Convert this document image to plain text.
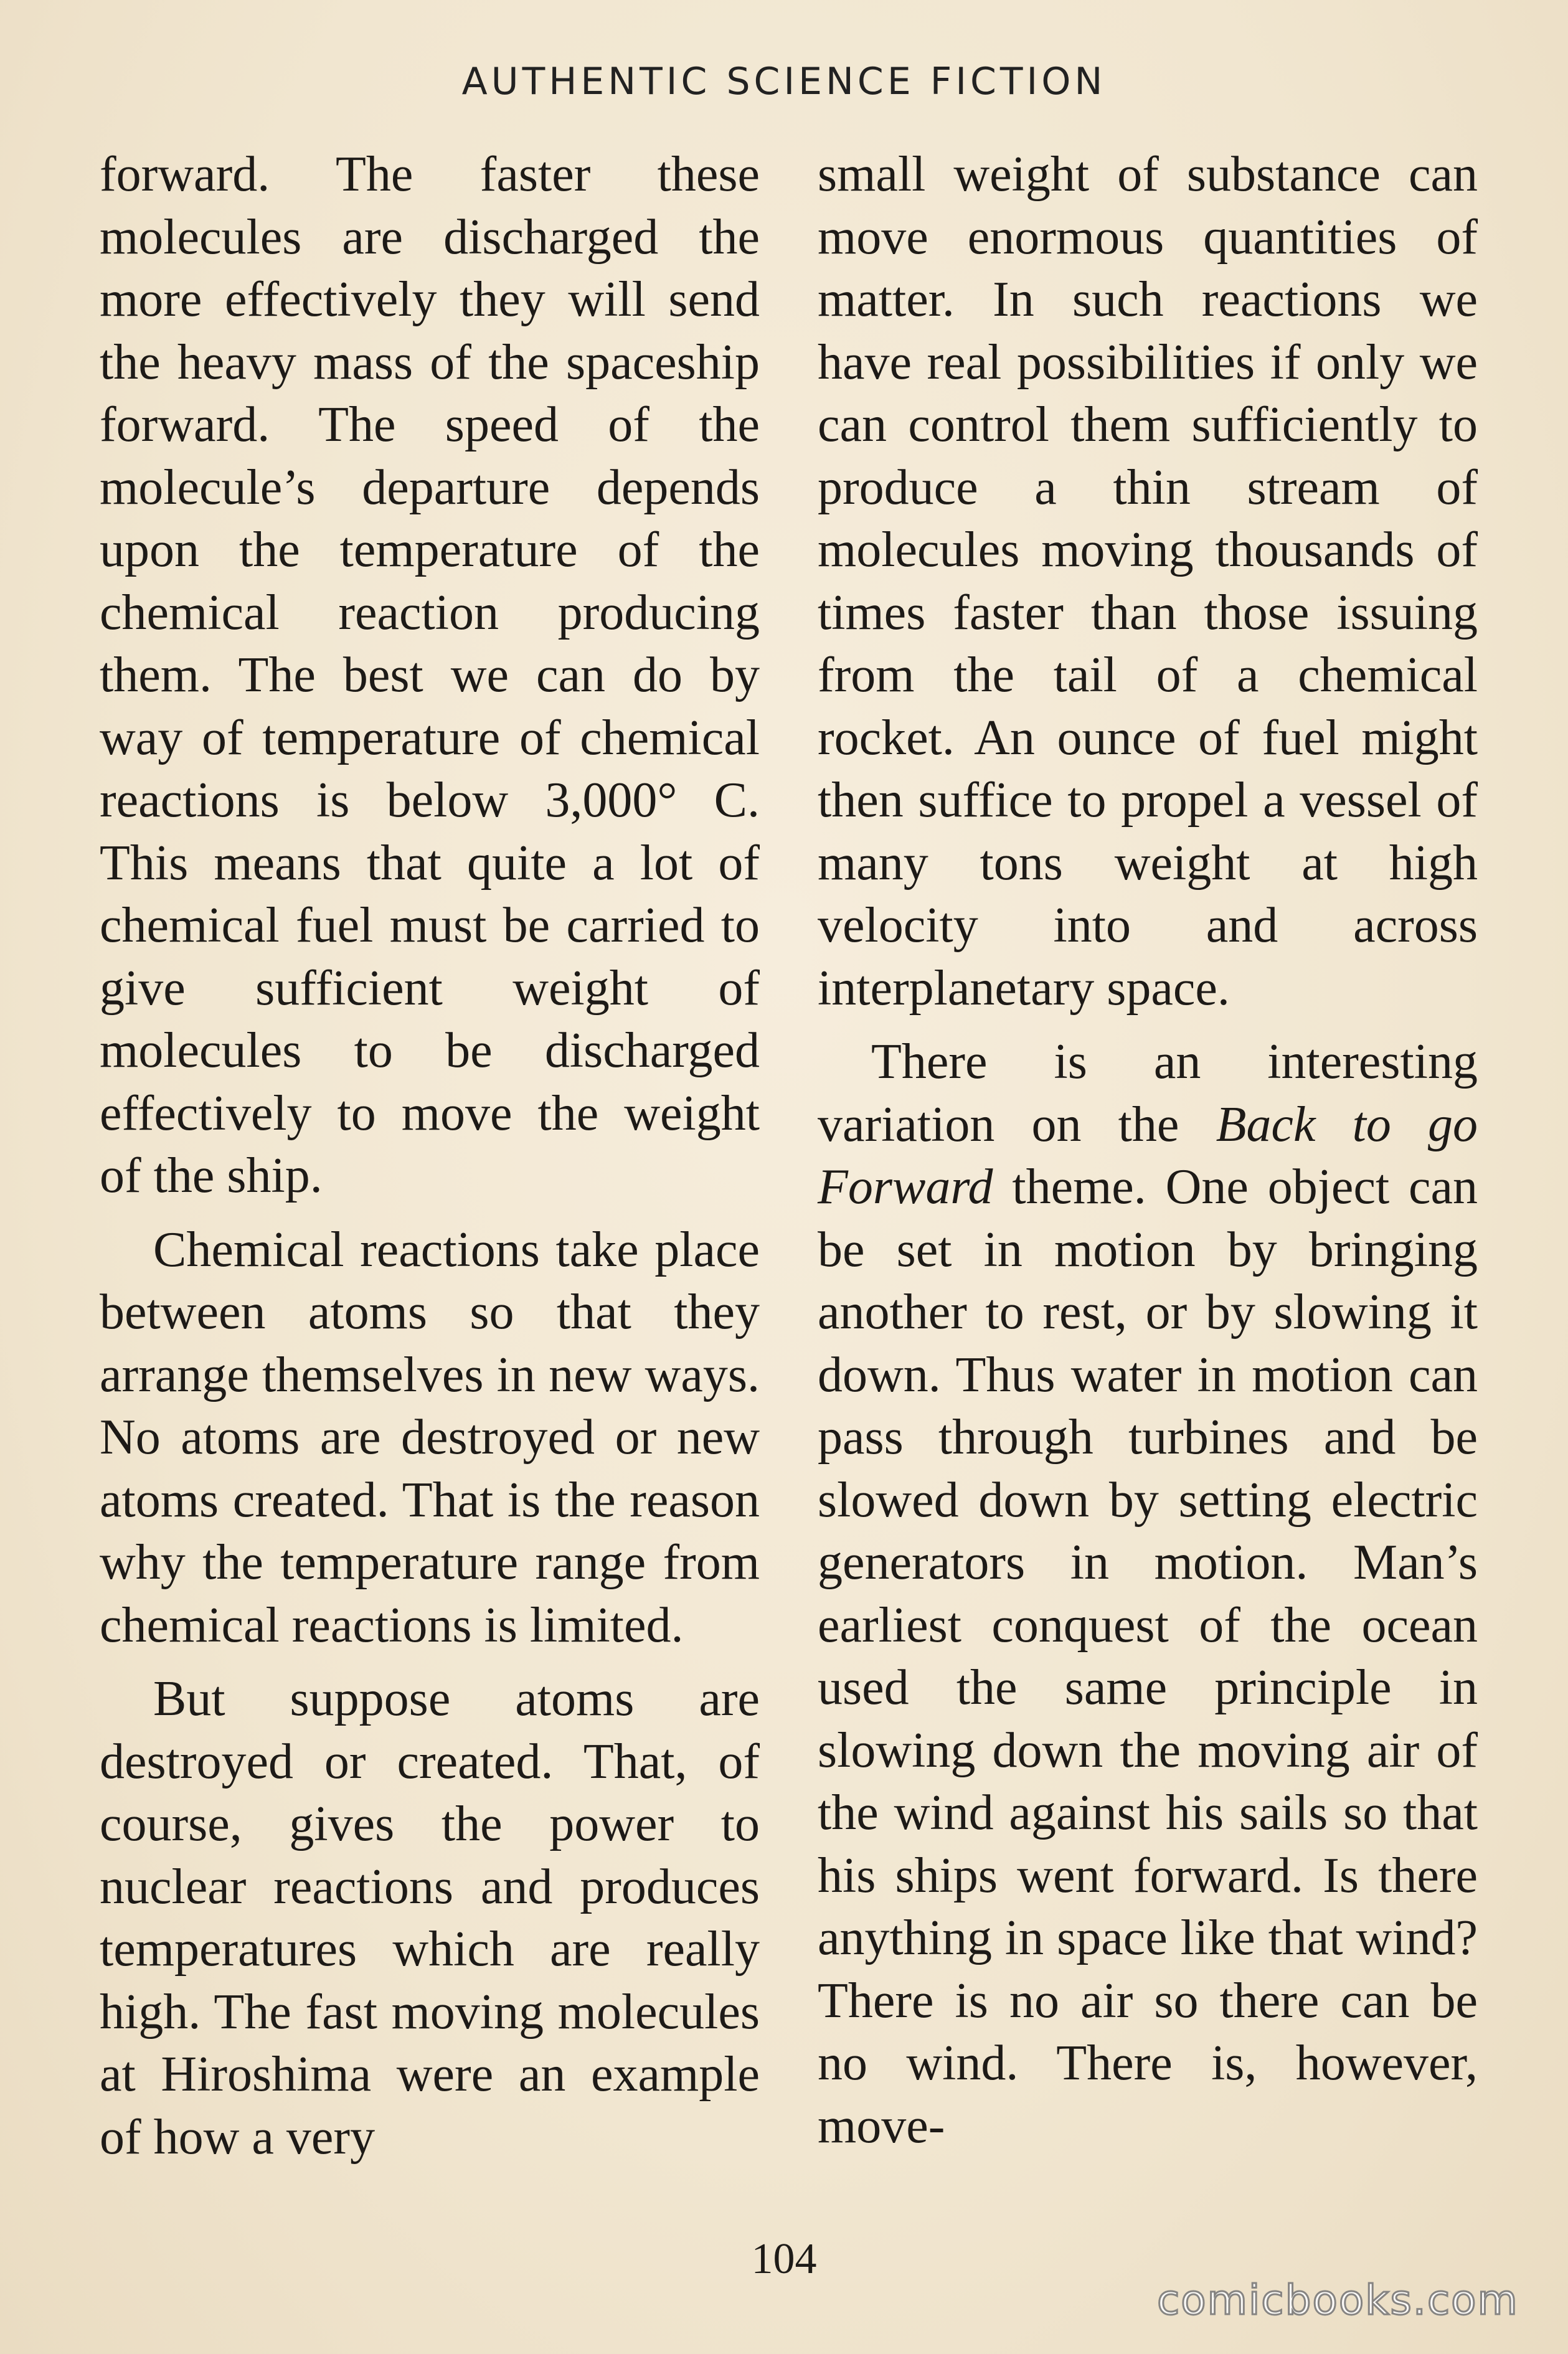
AUTHENTIC SCIENCE FICTION

forward. The faster these molecules are discharged the more effectively they will send the heavy mass of the spaceship forward. The speed of the molecule’s departure depends upon the temperature of the chemical reaction producing them. The best we can do by way of temperature of chemical reactions is below 3,000° C. This means that quite a lot of chemical fuel must be carried to give sufficient weight of molecules to be discharged effectively to move the weight of the ship.

Chemical reactions take place between atoms so that they arrange themselves in new ways. No atoms are destroyed or new atoms created. That is the reason why the temperature range from chemical reactions is limited.

But suppose atoms are destroyed or created. That, of course, gives the power to nuclear reactions and produces temperatures which are really high. The fast moving molecules at Hiroshima were an example of how a very

small weight of substance can move enormous quantities of matter. In such reactions we have real possibilities if only we can control them sufficiently to produce a thin stream of molecules moving thousands of times faster than those issuing from the tail of a chemical rocket. An ounce of fuel might then suffice to propel a vessel of many tons weight at high velocity into and across interplanetary space.

There is an interesting variation on the Back to go Forward theme. One object can be set in motion by bringing another to rest, or by slowing it down. Thus water in motion can pass through turbines and be slowed down by setting electric generators in motion. Man’s earliest conquest of the ocean used the same principle in slowing down the moving air of the wind against his sails so that his ships went forward. Is there anything in space like that wind? There is no air so there can be no wind. There is, however, move-

104
comicbooks.com
